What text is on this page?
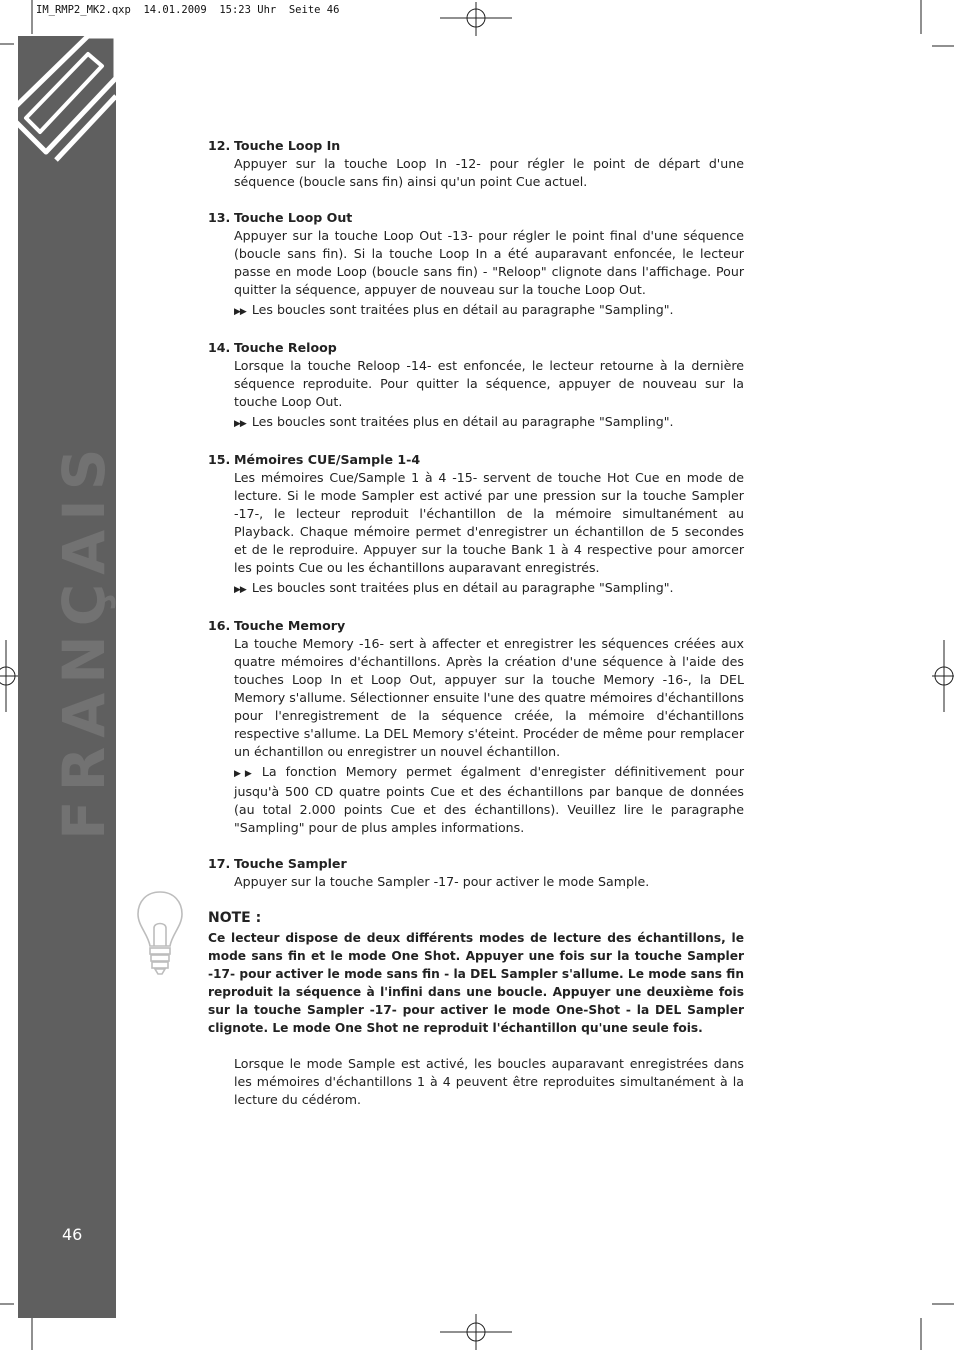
IM_RMP2_MK2.qxp  14.01.2009  15:23 Uhr  Seite 46
FRANÇAIS
46
12. Touche Loop In
Appuyer sur la touche Loop In -12- pour régler le point de départ d'une séquence (boucle sans fin) ainsi qu'un point Cue actuel.
13. Touche Loop Out
Appuyer sur la touche Loop Out -13- pour régler le point final d'une séquence (boucle sans fin). Si la touche Loop In a été auparavant enfoncée, le lecteur passe en mode Loop (boucle sans fin) - "Reloop" clignote dans l'affichage. Pour quitter la séquence, appuyer de nouveau sur la touche Loop Out.
▶▶ Les boucles sont traitées plus en détail au paragraphe "Sampling".
14. Touche Reloop
Lorsque la touche Reloop -14- est enfoncée, le lecteur retourne à la dernière séquence reproduite. Pour quitter la séquence, appuyer de nouveau sur la touche Loop Out.
▶▶ Les boucles sont traitées plus en détail au paragraphe "Sampling".
15. Mémoires CUE/Sample 1-4
Les mémoires Cue/Sample 1 à 4 -15- servent de touche Hot Cue en mode de lecture. Si le mode Sampler est activé par une pression sur la touche Sampler -17-, le lecteur reproduit l'échantillon de la mémoire simultanément au Playback. Chaque mémoire permet d'enregistrer un échantillon de 5 secondes et de le reproduire. Appuyer sur la touche Bank 1 à 4 respective pour amorcer les points Cue ou les échantillons auparavant enregistrés.
▶▶ Les boucles sont traitées plus en détail au paragraphe "Sampling".
16. Touche Memory
La touche Memory -16- sert à affecter et enregistrer les séquences créées aux quatre mémoires d'échantillons. Après la création d'une séquence à l'aide des touches Loop In et Loop Out, appuyer sur la touche Memory -16-, la DEL Memory s'allume. Sélectionner ensuite l'une des quatre mémoires d'échantillons pour l'enregistrement de la séquence créée, la mémoire d'échantillons respective s'allume. La DEL Memory s'éteint. Procéder de même pour remplacer un échantillon ou enregistrer un nouvel échantillon.
▶▶ La fonction Memory permet égalment d'enregister définitivement pour jusqu'à 500 CD quatre points Cue et des échantillons par banque de données (au total 2.000 points Cue et des échantillons). Veuillez lire le paragraphe "Sampling" pour de plus amples informations.
17. Touche Sampler
Appuyer sur la touche Sampler -17- pour activer le mode Sample.
NOTE :
Ce lecteur dispose de deux différents modes de lecture des échantillons, le mode sans fin et le mode One Shot. Appuyer une fois sur la touche Sampler -17- pour activer le mode sans fin - la DEL Sampler s'allume. Le mode sans fin reproduit la séquence à l'infini dans une boucle. Appuyer une deuxième fois sur la touche Sampler -17- pour activer le mode One-Shot - la DEL Sampler clignote. Le mode One Shot ne reproduit l'échantillon qu'une seule fois.
Lorsque le mode Sample est activé, les boucles auparavant enregistrées dans les mémoires d'échantillons 1 à 4 peuvent être reproduites simultanément à la lecture du cédérom.
